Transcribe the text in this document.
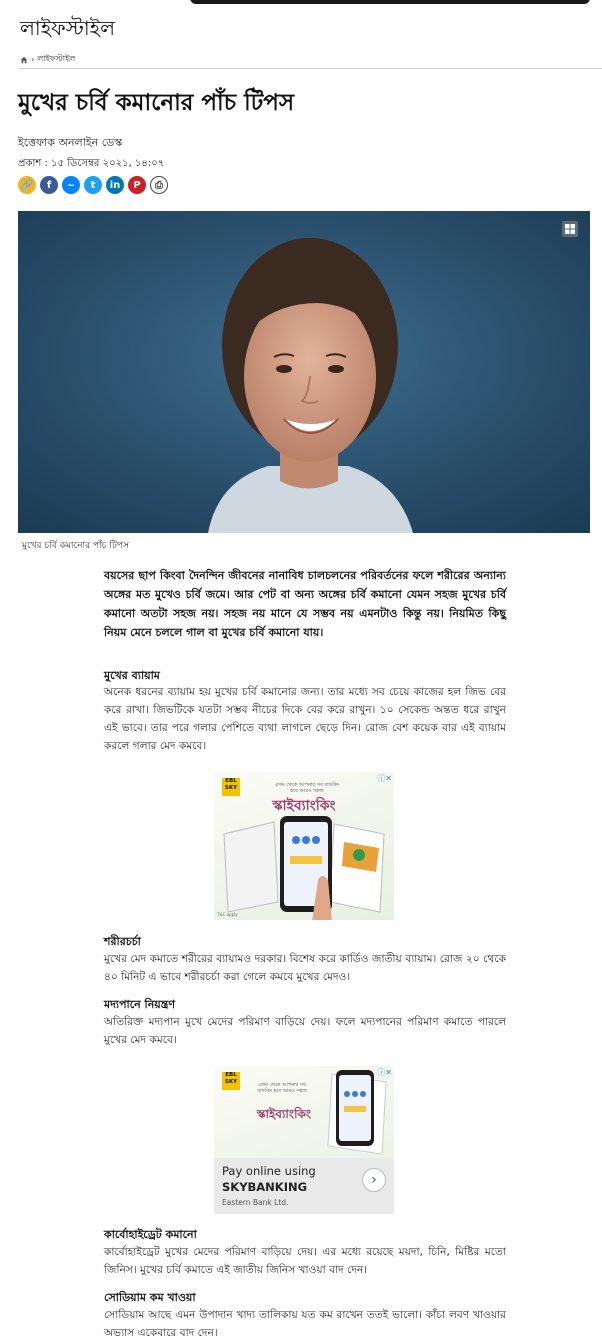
লাইফস্টাইল
› লাইফস্টাইল
মুখের চর্বি কমানোর পাঁচ টিপস
ইত্তেফাক অনলাইন ডেস্ক
প্রকাশ : ১৫ ডিসেম্বর ২০২১, ১৪:০৭
🔗	f	~	t	in	P	⎙
মুখের চর্বি কমানোর পাঁচ টিপস

বয়সের ছাপ কিংবা দৈনন্দিন জীবনের নানাবিধ চালচলনের পরিবর্তনের ফলে শরীরের অন্যান্য অঙ্গের মত মুখেও চর্বি জমে। আর পেট বা অন্য অঙ্গের চর্বি কমানো যেমন সহজ মুখের চর্বি কমানো অতটা সহজ নয়। সহজ নয় মানে যে সম্ভব নয় এমনটাও কিন্তু নয়। নিয়মিত কিছু নিয়ম মেনে চললে গাল বা মুখের চর্বি কমানো যায়।

মুখের ব্যায়াম

অনেক ধরনের ব্যায়াম হয় মুখের চর্বি কমানোর জন্য। তার মধ্যে সব চেয়ে কাজের হল জিভ বের করে রাখা। জিভটিকে যতটা সম্ভব নীচের দিকে বের করে রাখুন। ১০ সেকেন্ড অন্তত ধরে রাখুন এই ভাবে। তার পরে গলার পেশিতে ব্যথা লাগলে ছেড়ে দিন। রোজ বেশ কয়েক বার এই ব্যায়াম করলে গলার মেদ কমবে।

ⓘ✕
EBL SKY	এখন থেকে আপনার সব ব্যাংকিং হবে আরও সহজ
স্কাইব্যাংকিং
T&C apply
শরীরচর্চা

মুখের মেদ কমাতে শরীরের ব্যায়ামও দরকার। বিশেষ করে কার্ডিও জাতীয় ব্যায়াম। রোজ ২০ থেকে ৪০ মিনিট এ ভাবে শরীরচর্চা করা গেলে কমবে মুখের মেদও।

মদ্যপানে নিয়ন্ত্রণ

অতিরিক্ত মদ্যপান মুখে মেদের পরিমাণ বাড়িয়ে দেয়। ফলে মদ্যপানের পরিমাণ কমাতে পারলে মুখের মেদ কমবে।

ⓘ✕
EBL SKY	এখন থেকে আপনার সব ব্যাংকিং হবে আরও সহজ
স্কাইব্যাংকিং
Pay online using
SKYBANKING
Eastern Bank Ltd.
›
কার্বোহাইড্রেট কমানো

কার্বোহাইড্রেট মুখের মেদের পরিমাণ বাড়িয়ে দেয়। এর মধ্যে রয়েছে ময়দা, চিনি, মিষ্টির মতো জিনিস। মুখের চর্বি কমাতে এই জাতীয় জিনিস খাওয়া বাদ দেন।

সোডিয়াম কম খাওয়া

সোডিয়াম আছে এমন উপাদান খাদ্য তালিকায় যত কম রাখেন ততই ভালো। কাঁচা লবণ খাওয়ার অভ্যাস একেবারে বাদ দেন।
